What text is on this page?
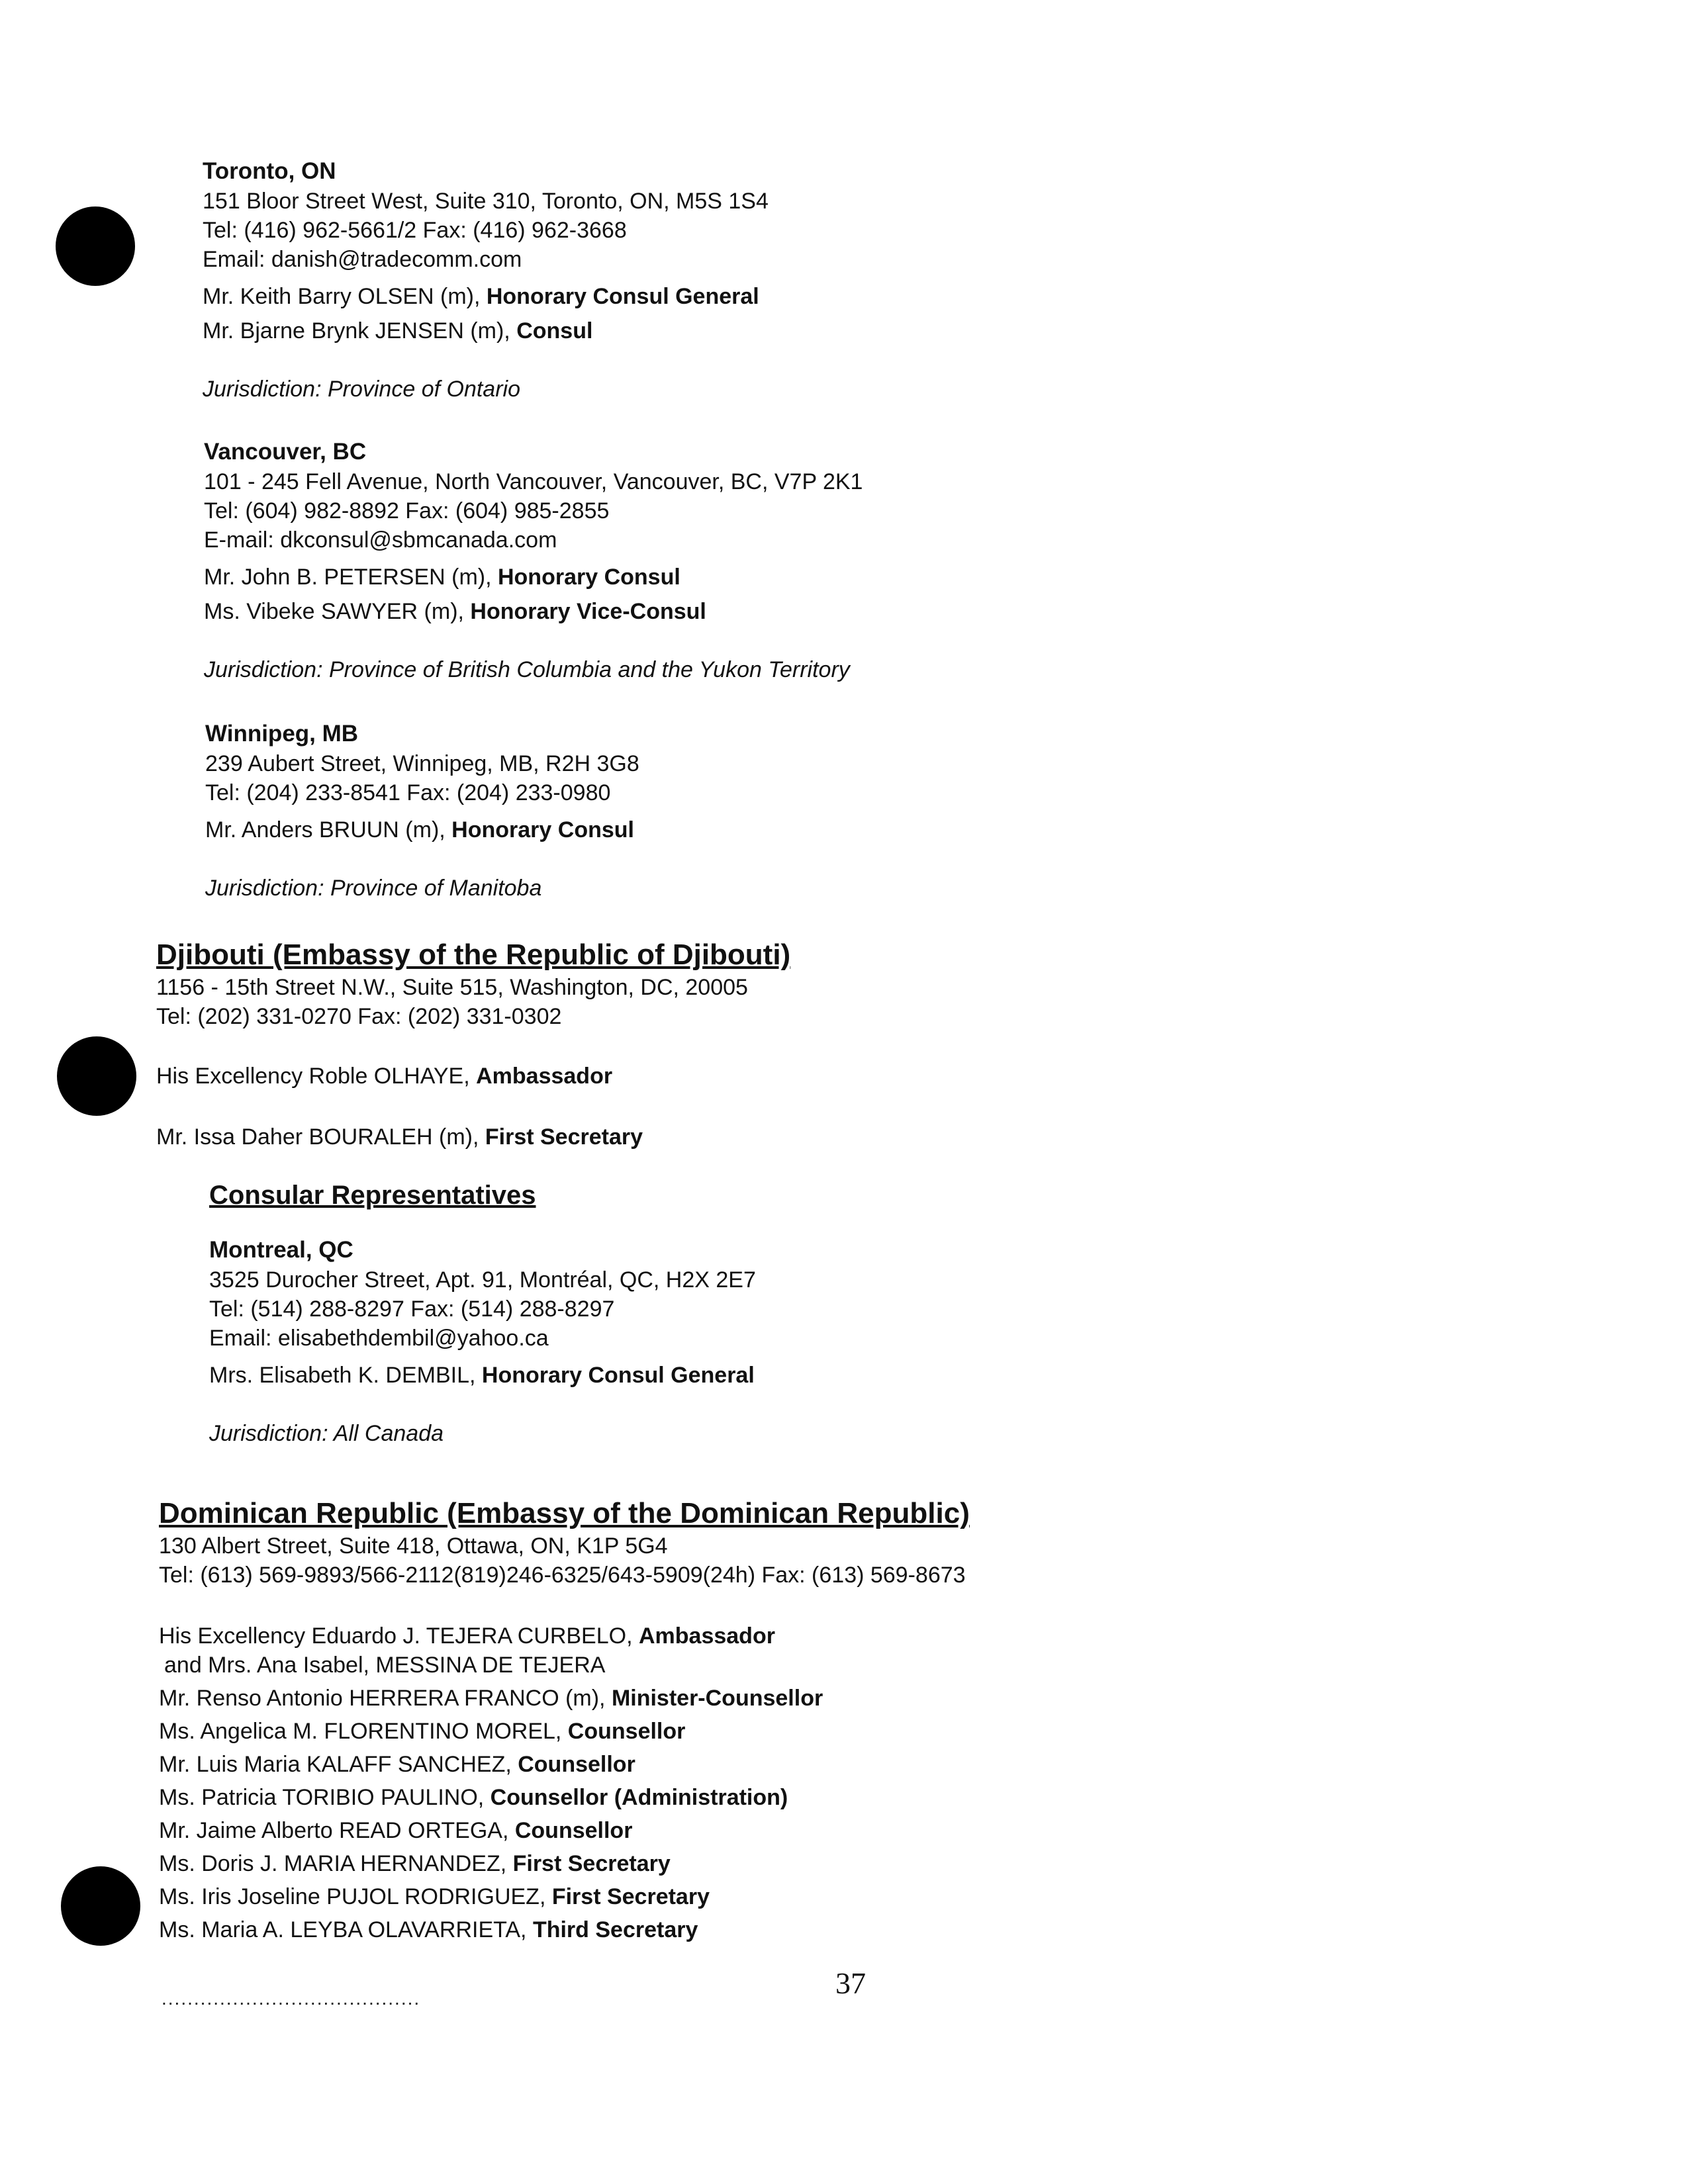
Toronto, ON
151 Bloor Street West, Suite 310, Toronto, ON, M5S 1S4
Tel: (416) 962-5661/2 Fax: (416) 962-3668
Email: danish@tradecomm.com
Mr. Keith Barry OLSEN (m), Honorary Consul General
Mr. Bjarne Brynk JENSEN (m), Consul
Jurisdiction: Province of Ontario
Vancouver, BC
101 - 245 Fell Avenue, North Vancouver, Vancouver, BC, V7P 2K1
Tel: (604) 982-8892 Fax: (604) 985-2855
E-mail: dkconsul@sbmcanada.com
Mr. John B. PETERSEN (m), Honorary Consul
Ms. Vibeke SAWYER (m), Honorary Vice-Consul
Jurisdiction: Province of British Columbia and the Yukon Territory
Winnipeg, MB
239 Aubert Street, Winnipeg, MB, R2H 3G8
Tel: (204) 233-8541 Fax: (204) 233-0980
Mr. Anders BRUUN (m), Honorary Consul
Jurisdiction: Province of Manitoba
Djibouti (Embassy of the Republic of Djibouti)
1156 - 15th Street N.W., Suite 515, Washington, DC, 20005
Tel: (202) 331-0270 Fax: (202) 331-0302
His Excellency Roble OLHAYE, Ambassador
Mr. Issa Daher BOURALEH (m), First Secretary
Consular Representatives
Montreal, QC
3525 Durocher Street, Apt. 91, Montréal, QC, H2X 2E7
Tel: (514) 288-8297 Fax: (514) 288-8297
Email: elisabethdembil@yahoo.ca
Mrs. Elisabeth K. DEMBIL, Honorary Consul General
Jurisdiction: All Canada
Dominican Republic (Embassy of the Dominican Republic)
130 Albert Street, Suite 418, Ottawa, ON, K1P 5G4
Tel: (613) 569-9893/566-2112(819)246-6325/643-5909(24h) Fax: (613) 569-8673
His Excellency Eduardo J. TEJERA CURBELO, Ambassador
and Mrs. Ana Isabel, MESSINA DE TEJERA
Mr. Renso Antonio HERRERA FRANCO (m), Minister-Counsellor
Ms. Angelica M. FLORENTINO MOREL, Counsellor
Mr. Luis Maria KALAFF SANCHEZ, Counsellor
Ms. Patricia TORIBIO PAULINO, Counsellor (Administration)
Mr. Jaime Alberto READ ORTEGA, Counsellor
Ms. Doris J. MARIA HERNANDEZ, First Secretary
Ms. Iris Joseline PUJOL RODRIGUEZ, First Secretary
Ms. Maria A. LEYBA OLAVARRIETA, Third Secretary
........................................	37
